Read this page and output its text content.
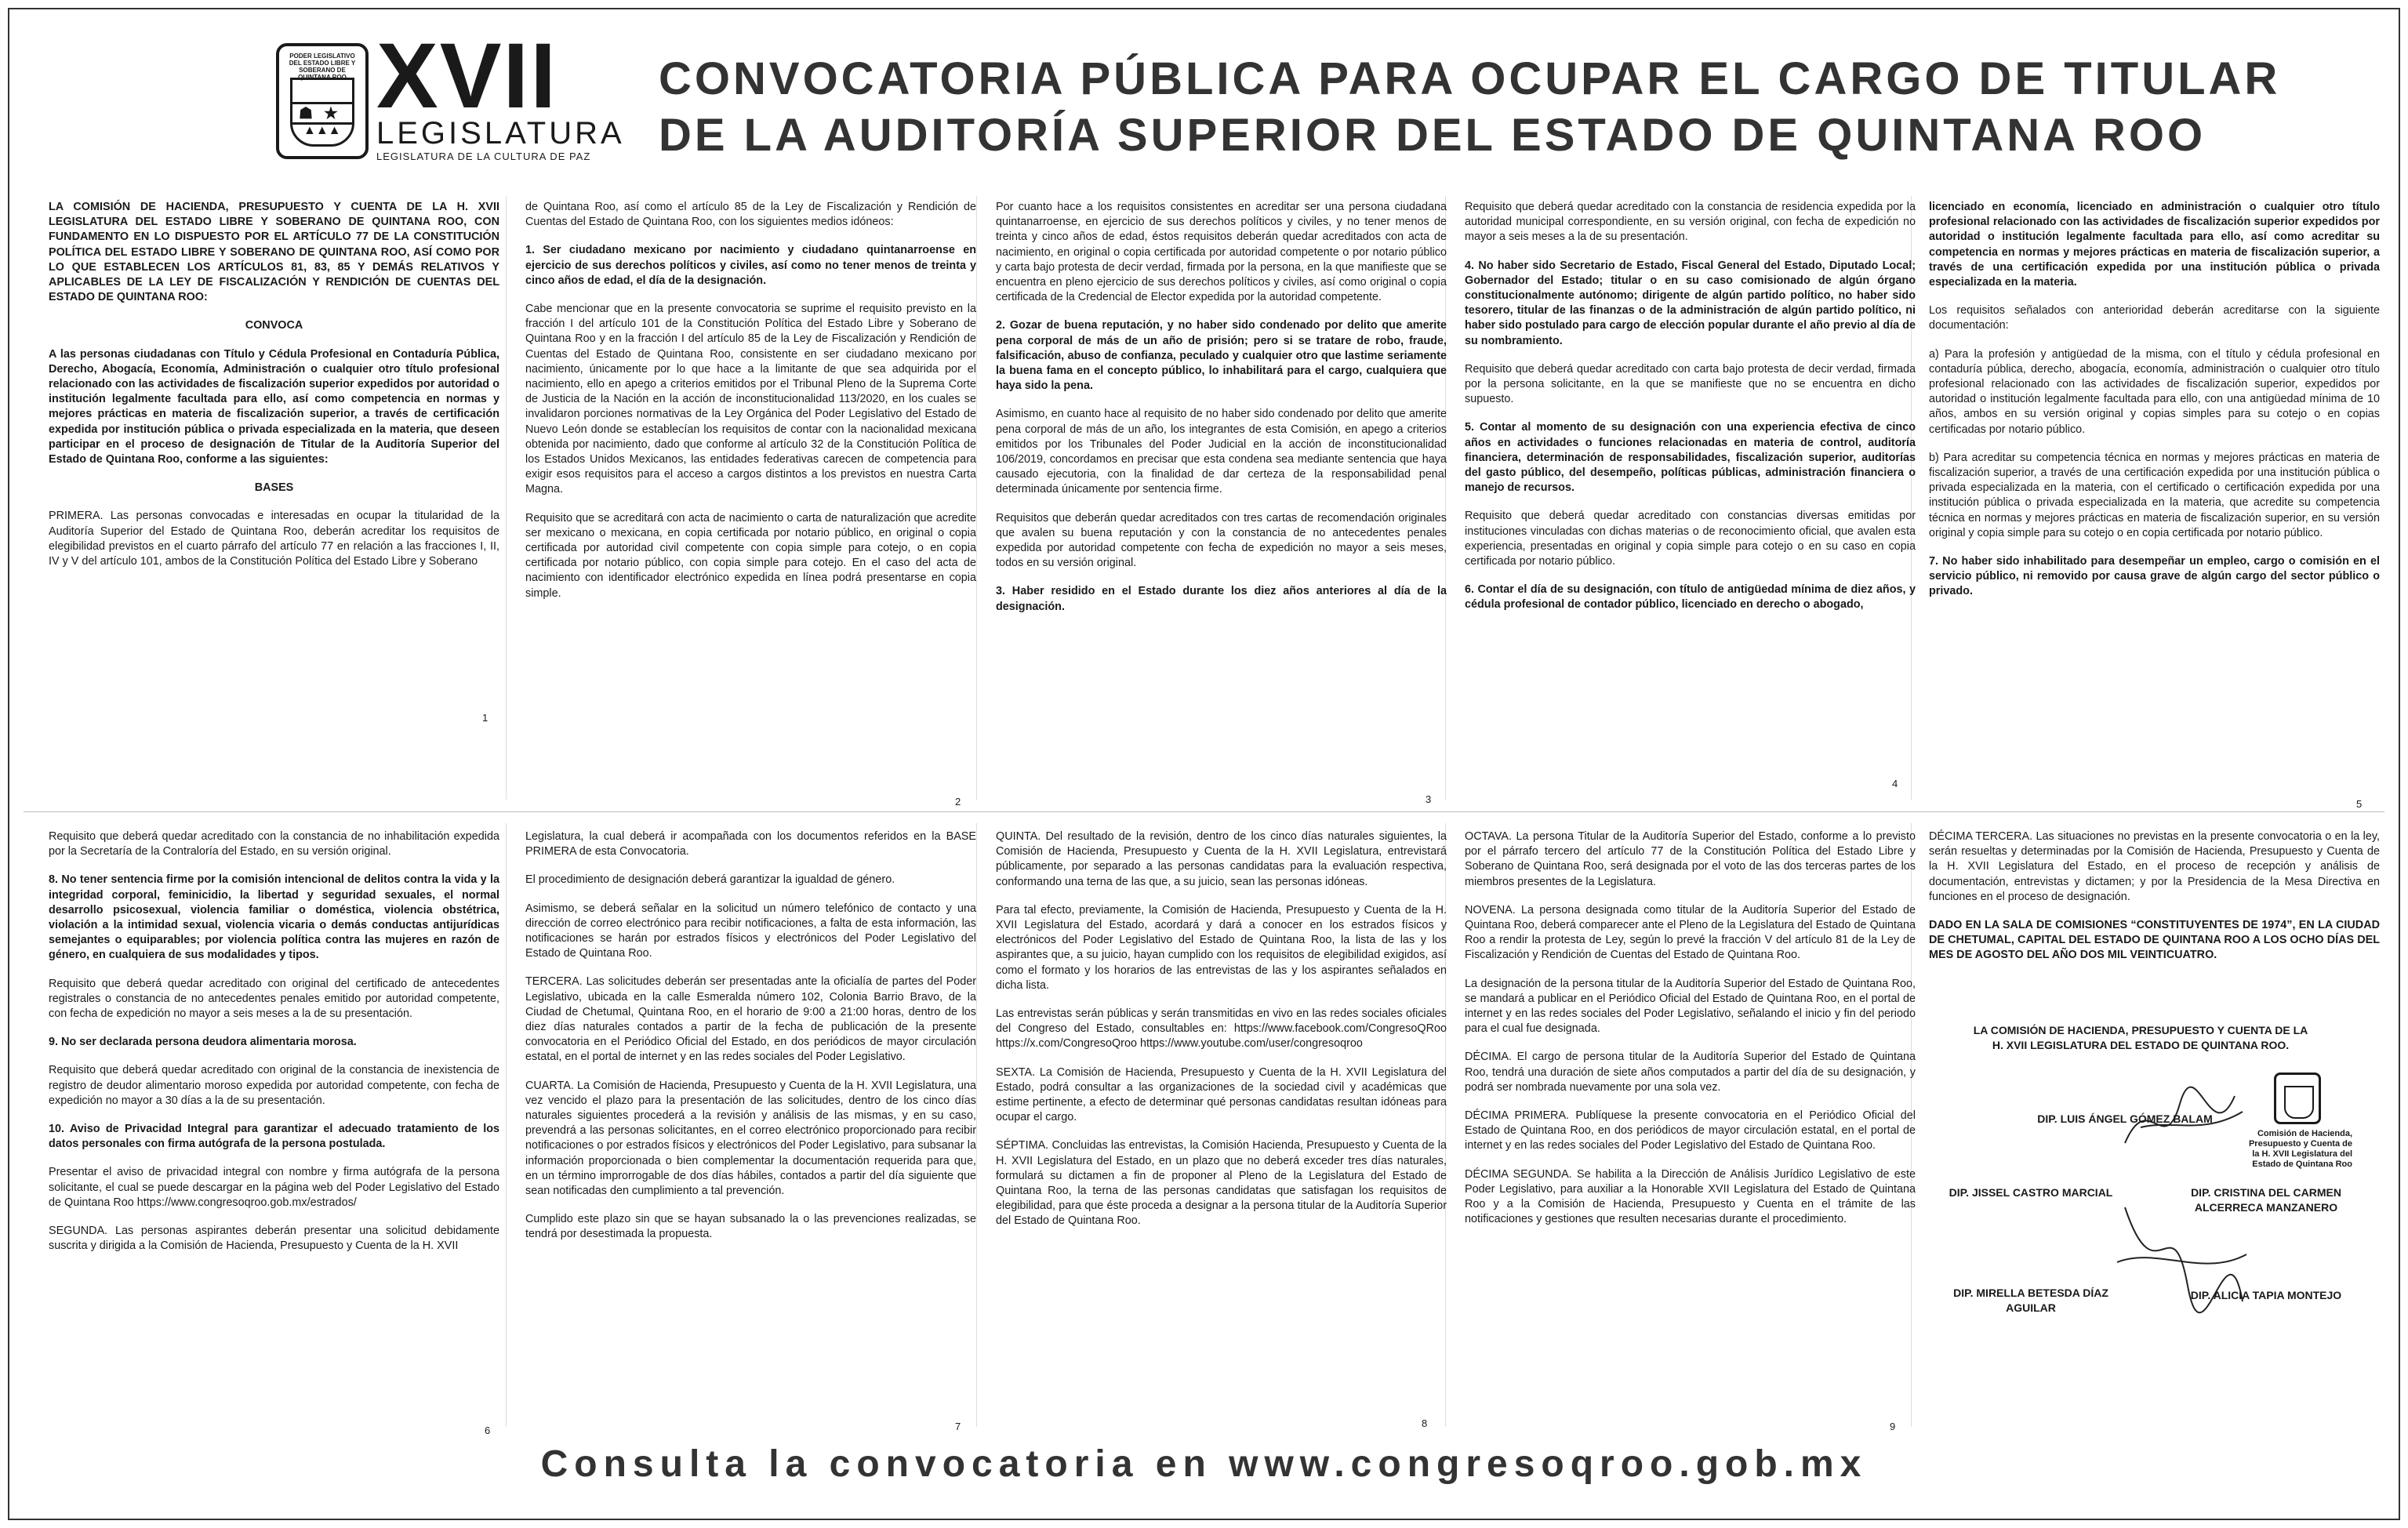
PODER LEGISLATIVO DEL ESTADO LIBRE Y SOBERANO DE QUINTANA ROO
☗ ★
▲▲▲
XVII
LEGISLATURA
LEGISLATURA DE LA CULTURA DE PAZ
CONVOCATORIA PÚBLICA PARA OCUPAR EL CARGO DE TITULAR
DE LA AUDITORÍA SUPERIOR DEL ESTADO DE QUINTANA ROO

LA COMISIÓN DE HACIENDA, PRESUPUESTO Y CUENTA DE LA H. XVII LEGISLATURA DEL ESTADO LIBRE Y SOBERANO DE QUINTANA ROO, CON FUNDAMENTO EN LO DISPUESTO POR EL ARTÍCULO 77 DE LA CONSTITUCIÓN POLÍTICA DEL ESTADO LIBRE Y SOBERANO DE QUINTANA ROO, ASÍ COMO POR LO QUE ESTABLECEN LOS ARTÍCULOS 81, 83, 85 Y DEMÁS RELATIVOS Y APLICABLES DE LA LEY DE FISCALIZACIÓN Y RENDICIÓN DE CUENTAS DEL ESTADO DE QUINTANA ROO:

CONVOCA

A las personas ciudadanas con Título y Cédula Profesional en Contaduría Pública, Derecho, Abogacía, Economía, Administración o cualquier otro título profesional relacionado con las actividades de fiscalización superior expedidos por autoridad o institución legalmente facultada para ello, así como competencia en normas y mejores prácticas en materia de fiscalización superior, a través de certificación expedida por institución pública o privada especializada en la materia, que deseen participar en el proceso de designación de Titular de la Auditoría Superior del Estado de Quintana Roo, conforme a las siguientes:

BASES

PRIMERA. Las personas convocadas e interesadas en ocupar la titularidad de la Auditoría Superior del Estado de Quintana Roo, deberán acreditar los requisitos de elegibilidad previstos en el cuarto párrafo del artículo 77 en relación a las fracciones I, II, IV y V del artículo 101, ambos de la Constitución Política del Estado Libre y Soberano

de Quintana Roo, así como el artículo 85 de la Ley de Fiscalización y Rendición de Cuentas del Estado de Quintana Roo, con los siguientes medios idóneos:

1. Ser ciudadano mexicano por nacimiento y ciudadano quintanarroense en ejercicio de sus derechos políticos y civiles, así como no tener menos de treinta y cinco años de edad, el día de la designación.

Cabe mencionar que en la presente convocatoria se suprime el requisito previsto en la fracción I del artículo 101 de la Constitución Política del Estado Libre y Soberano de Quintana Roo y en la fracción I del artículo 85 de la Ley de Fiscalización y Rendición de Cuentas del Estado de Quintana Roo, consistente en ser ciudadano mexicano por nacimiento, únicamente por lo que hace a la limitante de que sea adquirida por el nacimiento, ello en apego a criterios emitidos por el Tribunal Pleno de la Suprema Corte de Justicia de la Nación en la acción de inconstitucionalidad 113/2020, en los cuales se invalidaron porciones normativas de la Ley Orgánica del Poder Legislativo del Estado de Nuevo León donde se establecían los requisitos de contar con la nacionalidad mexicana obtenida por nacimiento, dado que conforme al artículo 32 de la Constitución Política de los Estados Unidos Mexicanos, las entidades federativas carecen de competencia para exigir esos requisitos para el acceso a cargos distintos a los previstos en nuestra Carta Magna.

Requisito que se acreditará con acta de nacimiento o carta de naturalización que acredite ser mexicano o mexicana, en copia certificada por notario público, en original o copia certificada por autoridad civil competente con copia simple para cotejo, o en copia certificada por notario público, con copia simple para cotejo. En el caso del acta de nacimiento con identificador electrónico expedida en línea podrá presentarse en copia simple.

Por cuanto hace a los requisitos consistentes en acreditar ser una persona ciudadana quintanarroense, en ejercicio de sus derechos políticos y civiles, y no tener menos de treinta y cinco años de edad, éstos requisitos deberán quedar acreditados con acta de nacimiento, en original o copia certificada por autoridad competente o por notario público y carta bajo protesta de decir verdad, firmada por la persona, en la que manifieste que se encuentra en pleno ejercicio de sus derechos políticos y civiles, así como original o copia certificada de la Credencial de Elector expedida por la autoridad competente.

2. Gozar de buena reputación, y no haber sido condenado por delito que amerite pena corporal de más de un año de prisión; pero si se tratare de robo, fraude, falsificación, abuso de confianza, peculado y cualquier otro que lastime seriamente la buena fama en el concepto público, lo inhabilitará para el cargo, cualquiera que haya sido la pena.

Asimismo, en cuanto hace al requisito de no haber sido condenado por delito que amerite pena corporal de más de un año, los integrantes de esta Comisión, en apego a criterios emitidos por los Tribunales del Poder Judicial en la acción de inconstitucionalidad 106/2019, concordamos en precisar que esta condena sea mediante sentencia que haya causado ejecutoria, con la finalidad de dar certeza de la responsabilidad penal determinada únicamente por sentencia firme.

Requisitos que deberán quedar acreditados con tres cartas de recomendación originales que avalen su buena reputación y con la constancia de no antecedentes penales expedida por autoridad competente con fecha de expedición no mayor a seis meses, todos en su versión original.

3. Haber residido en el Estado durante los diez años anteriores al día de la designación.

Requisito que deberá quedar acreditado con la constancia de residencia expedida por la autoridad municipal correspondiente, en su versión original, con fecha de expedición no mayor a seis meses a la de su presentación.

4. No haber sido Secretario de Estado, Fiscal General del Estado, Diputado Local; Gobernador del Estado; titular o en su caso comisionado de algún órgano constitucionalmente autónomo; dirigente de algún partido político, no haber sido tesorero, titular de las finanzas o de la administración de algún partido político, ni haber sido postulado para cargo de elección popular durante el año previo al día de su nombramiento.

Requisito que deberá quedar acreditado con carta bajo protesta de decir verdad, firmada por la persona solicitante, en la que se manifieste que no se encuentra en dicho supuesto.

5. Contar al momento de su designación con una experiencia efectiva de cinco años en actividades o funciones relacionadas en materia de control, auditoría financiera, determinación de responsabilidades, fiscalización superior, auditorías del gasto público, del desempeño, políticas públicas, administración financiera o manejo de recursos.

Requisito que deberá quedar acreditado con constancias diversas emitidas por instituciones vinculadas con dichas materias o de reconocimiento oficial, que avalen esta experiencia, presentadas en original y copia simple para cotejo o en su caso en copia certificada por notario público.

6. Contar el día de su designación, con título de antigüedad mínima de diez años, y cédula profesional de contador público, licenciado en derecho o abogado,

licenciado en economía, licenciado en administración o cualquier otro título profesional relacionado con las actividades de fiscalización superior expedidos por autoridad o institución legalmente facultada para ello, así como acreditar su competencia en normas y mejores prácticas en materia de fiscalización superior, a través de una certificación expedida por una institución pública o privada especializada en la materia.

Los requisitos señalados con anterioridad deberán acreditarse con la siguiente documentación:

a) Para la profesión y antigüedad de la misma, con el título y cédula profesional en contaduría pública, derecho, abogacía, economía, administración o cualquier otro título profesional relacionado con las actividades de fiscalización superior, expedidos por autoridad o institución legalmente facultada para ello, con una antigüedad mínima de 10 años, ambos en su versión original y copias simples para su cotejo o en copias certificadas por notario público.

b) Para acreditar su competencia técnica en normas y mejores prácticas en materia de fiscalización superior, a través de una certificación expedida por una institución pública o privada especializada en la materia, con el certificado o certificación expedida por una institución pública o privada especializada en la materia, que acredite su competencia técnica en normas y mejores prácticas en materia de fiscalización superior, en su versión original y copia simple para su cotejo o en copia certificada por notario público.

7. No haber sido inhabilitado para desempeñar un empleo, cargo o comisión en el servicio público, ni removido por causa grave de algún cargo del sector público o privado.

Requisito que deberá quedar acreditado con la constancia de no inhabilitación expedida por la Secretaría de la Contraloría del Estado, en su versión original.

8. No tener sentencia firme por la comisión intencional de delitos contra la vida y la integridad corporal, feminicidio, la libertad y seguridad sexuales, el normal desarrollo psicosexual, violencia familiar o doméstica, violencia obstétrica, violación a la intimidad sexual, violencia vicaria o demás conductas antijurídicas semejantes o equiparables; por violencia política contra las mujeres en razón de género, en cualquiera de sus modalidades y tipos.

Requisito que deberá quedar acreditado con original del certificado de antecedentes registrales o constancia de no antecedentes penales emitido por autoridad competente, con fecha de expedición no mayor a seis meses a la de su presentación.

9. No ser declarada persona deudora alimentaria morosa.

Requisito que deberá quedar acreditado con original de la constancia de inexistencia de registro de deudor alimentario moroso expedida por autoridad competente, con fecha de expedición no mayor a 30 días a la de su presentación.

10. Aviso de Privacidad Integral para garantizar el adecuado tratamiento de los datos personales con firma autógrafa de la persona postulada.

Presentar el aviso de privacidad integral con nombre y firma autógrafa de la persona solicitante, el cual se puede descargar en la página web del Poder Legislativo del Estado de Quintana Roo https://www.congresoqroo.gob.mx/estrados/

SEGUNDA. Las personas aspirantes deberán presentar una solicitud debidamente suscrita y dirigida a la Comisión de Hacienda, Presupuesto y Cuenta de la H. XVII

Legislatura, la cual deberá ir acompañada con los documentos referidos en la BASE PRIMERA de esta Convocatoria.

El procedimiento de designación deberá garantizar la igualdad de género.

Asimismo, se deberá señalar en la solicitud un número telefónico de contacto y una dirección de correo electrónico para recibir notificaciones, a falta de esta información, las notificaciones se harán por estrados físicos y electrónicos del Poder Legislativo del Estado de Quintana Roo.

TERCERA. Las solicitudes deberán ser presentadas ante la oficialía de partes del Poder Legislativo, ubicada en la calle Esmeralda número 102, Colonia Barrio Bravo, de la Ciudad de Chetumal, Quintana Roo, en el horario de 9:00 a 21:00 horas, dentro de los diez días naturales contados a partir de la fecha de publicación de la presente convocatoria en el Periódico Oficial del Estado, en dos periódicos de mayor circulación estatal, en el portal de internet y en las redes sociales del Poder Legislativo.

CUARTA. La Comisión de Hacienda, Presupuesto y Cuenta de la H. XVII Legislatura, una vez vencido el plazo para la presentación de las solicitudes, dentro de los cinco días naturales siguientes procederá a la revisión y análisis de las mismas, y en su caso, prevendrá a las personas solicitantes, en el correo electrónico proporcionado para recibir notificaciones o por estrados físicos y electrónicos del Poder Legislativo, para subsanar la información proporcionada o bien complementar la documentación requerida para que, en un término improrrogable de dos días hábiles, contados a partir del día siguiente que sean notificadas den cumplimiento a tal prevención.

Cumplido este plazo sin que se hayan subsanado la o las prevenciones realizadas, se tendrá por desestimada la propuesta.

QUINTA. Del resultado de la revisión, dentro de los cinco días naturales siguientes, la Comisión de Hacienda, Presupuesto y Cuenta de la H. XVII Legislatura, entrevistará públicamente, por separado a las personas candidatas para la evaluación respectiva, conformando una terna de las que, a su juicio, sean las personas idóneas.

Para tal efecto, previamente, la Comisión de Hacienda, Presupuesto y Cuenta de la H. XVII Legislatura del Estado, acordará y dará a conocer en los estrados físicos y electrónicos del Poder Legislativo del Estado de Quintana Roo, la lista de las y los aspirantes que, a su juicio, hayan cumplido con los requisitos de elegibilidad exigidos, así como el formato y los horarios de las entrevistas de las y los aspirantes señalados en dicha lista.

Las entrevistas serán públicas y serán transmitidas en vivo en las redes sociales oficiales del Congreso del Estado, consultables en: https://www.facebook.com/CongresoQRoo https://x.com/CongresoQroo https://www.youtube.com/user/congresoqroo

SEXTA. La Comisión de Hacienda, Presupuesto y Cuenta de la H. XVII Legislatura del Estado, podrá consultar a las organizaciones de la sociedad civil y académicas que estime pertinente, a efecto de determinar qué personas candidatas resultan idóneas para ocupar el cargo.

SÉPTIMA. Concluidas las entrevistas, la Comisión Hacienda, Presupuesto y Cuenta de la H. XVII Legislatura del Estado, en un plazo que no deberá exceder tres días naturales, formulará su dictamen a fin de proponer al Pleno de la Legislatura del Estado de Quintana Roo, la terna de las personas candidatas que satisfagan los requisitos de elegibilidad, para que éste proceda a designar a la persona titular de la Auditoría Superior del Estado de Quintana Roo.

OCTAVA. La persona Titular de la Auditoría Superior del Estado, conforme a lo previsto por el párrafo tercero del artículo 77 de la Constitución Política del Estado Libre y Soberano de Quintana Roo, será designada por el voto de las dos terceras partes de los miembros presentes de la Legislatura.

NOVENA. La persona designada como titular de la Auditoría Superior del Estado de Quintana Roo, deberá comparecer ante el Pleno de la Legislatura del Estado de Quintana Roo a rendir la protesta de Ley, según lo prevé la fracción V del artículo 81 de la Ley de Fiscalización y Rendición de Cuentas del Estado de Quintana Roo.

La designación de la persona titular de la Auditoría Superior del Estado de Quintana Roo, se mandará a publicar en el Periódico Oficial del Estado de Quintana Roo, en el portal de internet y en las redes sociales del Poder Legislativo, señalando el inicio y fin del periodo para el cual fue designada.

DÉCIMA. El cargo de persona titular de la Auditoría Superior del Estado de Quintana Roo, tendrá una duración de siete años computados a partir del día de su designación, y podrá ser nombrada nuevamente por una sola vez.

DÉCIMA PRIMERA. Publíquese la presente convocatoria en el Periódico Oficial del Estado de Quintana Roo, en dos periódicos de mayor circulación estatal, en el portal de internet y en las redes sociales del Poder Legislativo del Estado de Quintana Roo.

DÉCIMA SEGUNDA. Se habilita a la Dirección de Análisis Jurídico Legislativo de este Poder Legislativo, para auxiliar a la Honorable XVII Legislatura del Estado de Quintana Roo y a la Comisión de Hacienda, Presupuesto y Cuenta en el trámite de las notificaciones y gestiones que resulten necesarias durante el procedimiento.

DÉCIMA TERCERA. Las situaciones no previstas en la presente convocatoria o en la ley, serán resueltas y determinadas por la Comisión de Hacienda, Presupuesto y Cuenta de la H. XVII Legislatura del Estado, en el proceso de recepción y análisis de documentación, entrevistas y dictamen; y por la Presidencia de la Mesa Directiva en funciones en el proceso de designación.

DADO EN LA SALA DE COMISIONES “CONSTITUYENTES DE 1974”, EN LA CIUDAD DE CHETUMAL, CAPITAL DEL ESTADO DE QUINTANA ROO A LOS OCHO DÍAS DEL MES DE AGOSTO DEL AÑO DOS MIL VEINTICUATRO.

1
2	3
4
5
6	7	8	9
LA COMISIÓN DE HACIENDA, PRESUPUESTO Y CUENTA DE LA
H. XVII LEGISLATURA DEL ESTADO DE QUINTANA ROO.
DIP. LUIS ÁNGEL GÓMEZ BALAM
Comisión de Hacienda, Presupuesto y Cuenta de la H. XVII Legislatura del Estado de Quintana Roo
DIP. JISSEL CASTRO MARCIAL	DIP. CRISTINA DEL CARMEN
ALCERRECA MANZANERO
DIP. MIRELLA BETESDA DÍAZ
AGUILAR
DIP. ALICIA TAPIA MONTEJO
Consulta la convocatoria en www.congresoqroo.gob.mx
